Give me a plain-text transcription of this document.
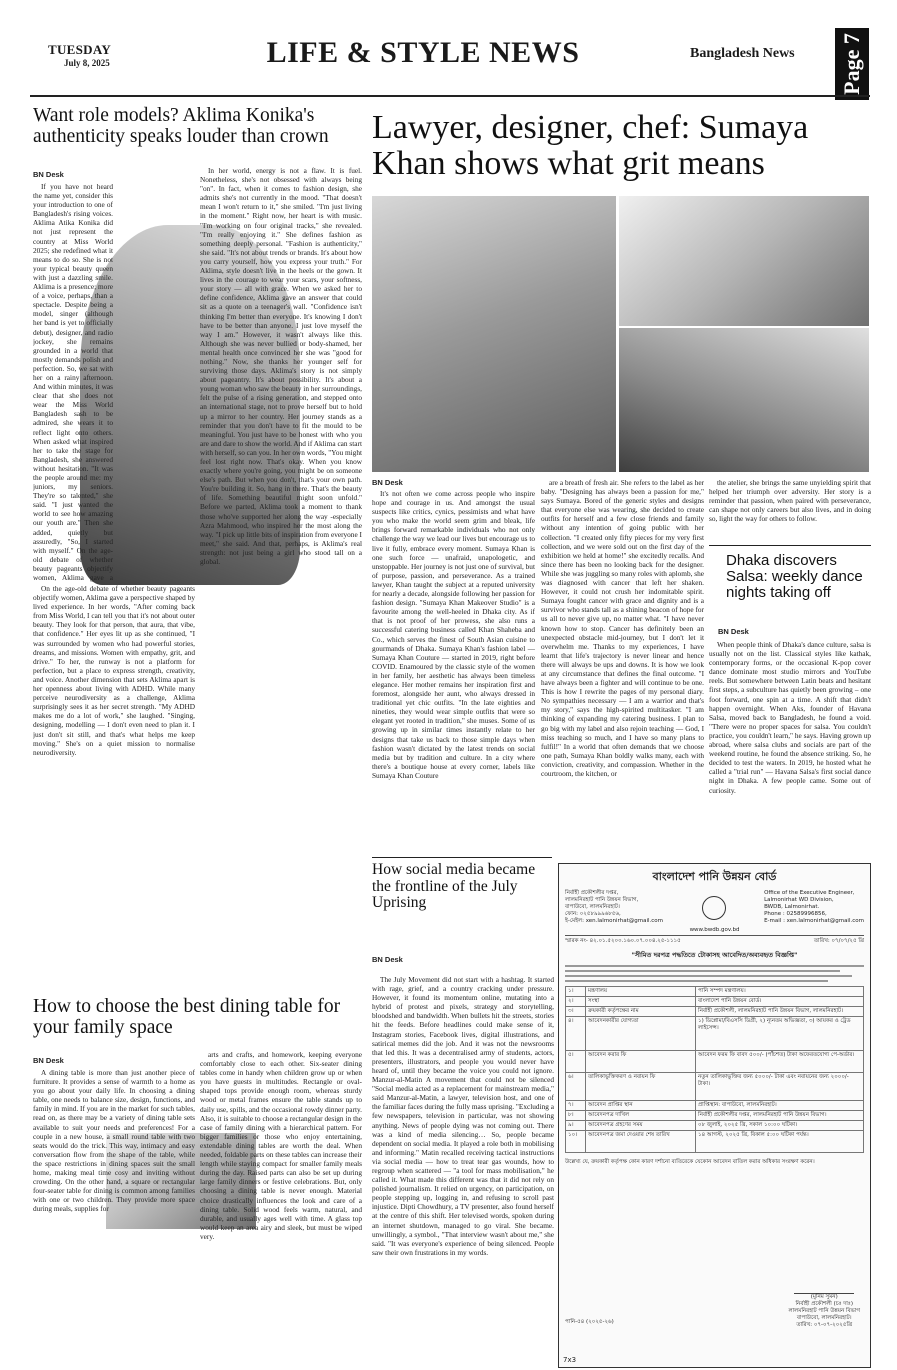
TUESDAY
July 8, 2025	LIFE & STYLE NEWS	Bangladesh News Page 7
Want role models? Aklima Konika's authenticity speaks louder than crown
BN Desk

If you have not heard the name yet, consider this your introduction to one of Bangladesh's rising voices. Aklima Atika Konika did not just represent the country at Miss World 2025; she redefined what it means to do so. She is not your typical beauty queen with just a dazzling smile. Aklima is a presence; more of a voice, perhaps, than a spectacle. Despite being a model, singer (although her band is yet to officially debut), designer, and radio jockey, she remains grounded in a world that mostly demands polish and perfection. So, we sat with her on a rainy afternoon. And within minutes, it was clear that she does not wear the Miss World Bangladesh sash to be admired, she wears it to reflect light onto others. When asked what inspired her to take the stage for Bangladesh, she answered without hesitation. "It was the people around me: my juniors, my seniors. They're so talented," she said. "I just wanted the world to see how amazing our youth are." Then she added, quietly but assuredly, "So, I started with myself." On the age-old debate of whether beauty pageants objectify women, Aklima gave a

On the age-old debate of whether beauty pageants objectify women, Aklima gave a perspective shaped by lived experience. In her words, "After coming back from Miss World, I can tell you that it's not about outer beauty. They look for that person, that aura, that vibe, that confidence." Her eyes lit up as she continued, "I was surrounded by women who had powerful stories, dreams, and missions. Women with empathy, grit, and drive." To her, the runway is not a platform for perfection, but a place to express strength, creativity, and voice. Another dimension that sets Aklima apart is her openness about living with ADHD. While many perceive neurodiversity as a challenge, Aklima surprisingly sees it as her secret strength. "My ADHD makes me do a lot of work," she laughed. "Singing, designing, modelling — I don't even need to plan it. I just don't sit still, and that's what helps me keep moving." She's on a quiet mission to normalise neurodiversity.

In her world, energy is not a flaw. It is fuel. Nonetheless, she's not obsessed with always being "on". In fact, when it comes to fashion design, she admits she's not currently in the mood. "That doesn't mean I won't return to it," she smiled. "I'm just living in the moment." Right now, her heart is with music. "I'm working on four original tracks," she revealed. "I'm really enjoying it." She defines fashion as something deeply personal. "Fashion is authenticity," she said. "It's not about trends or brands. It's about how you carry yourself, how you express your truth." For Aklima, style doesn't live in the heels or the gown. It lives in the courage to wear your scars, your softness, your story — all with grace. When we asked her to define confidence, Aklima gave an answer that could sit as a quote on a teenager's wall. "Confidence isn't thinking I'm better than everyone. It's knowing I don't have to be better than anyone. I just love myself the way I am." However, it wasn't always like this. Although she was never bullied or body-shamed, her mental health once convinced her she was "good for nothing." Now, she thanks her younger self for surviving those days. Aklima's story is not simply about pageantry. It's about possibility. It's about a young woman who saw the beauty in her surroundings, felt the pulse of a rising generation, and stepped onto an international stage, not to prove herself but to hold up a mirror to her country. Her journey stands as a reminder that you don't have to fit the mould to be meaningful. You just have to be honest with who you are and dare to show the world. And if Aklima can start with herself, so can you. In her own words, "You might feel lost right now. That's okay. When you know exactly where you're going, you might be on someone else's path. But when you don't, that's your own path. You're building it. So, hang in there. That's the beauty of life. Something beautiful might soon unfold." Before we parted, Aklima took a moment to thank those who've supported her along the way -especially Azra Mahmood, who inspired her the most along the way. "I pick up little bits of inspiration from everyone I meet," she said. And that, perhaps, is Aklima's real strength: not just being a girl who stood tall on a global.

Lawyer, designer, chef: Sumaya Khan shows what grit means
BN Desk

It's not often we come across people who inspire hope and courage in us. And amongst the usual suspects like critics, cynics, pessimists and what have you who make the world seem grim and bleak, life brings forward remarkable individuals who not only challenge the way we lead our lives but encourage us to live it fully, embrace every moment. Sumaya Khan is one such force — unafraid, unapologetic, and unstoppable. Her journey is not just one of survival, but of purpose, passion, and perseverance. As a trained lawyer, Khan taught the subject at a reputed university for nearly a decade, alongside following her passion for fashion design. "Sumaya Khan Makeover Studio" is a favourite among the well-heeled in Dhaka city. As if that is not proof of her prowess, she also runs a successful catering business called Khan Shaheba and Co., which serves the finest of South Asian cuisine to gourmands of Dhaka. Sumaya Khan's fashion label — Sumaya Khan Couture — started in 2019, right before COVID. Enamoured by the classic style of the women in her family, her aesthetic has always been timeless elegance. Her mother remains her inspiration first and foremost, alongside her aunt, who always dressed in traditional yet chic outfits. "In the late eighties and nineties, they would wear simple outfits that were so elegant yet rooted in tradition," she muses. Some of us growing up in similar times instantly relate to her designs that take us back to those simple days when fashion wasn't dictated by the latest trends on social media but by tradition and culture. In a city where there's a boutique house at every corner, labels like Sumaya Khan Couture

are a breath of fresh air. She refers to the label as her baby. "Designing has always been a passion for me," says Sumaya. Bored of the generic styles and designs that everyone else was wearing, she decided to create outfits for herself and a few close friends and family without any intention of going public with her collection. "I created only fifty pieces for my very first collection, and we were sold out on the first day of the exhibition we held at home!" she excitedly recalls. And since there has been no looking back for the designer. While she was juggling so many roles with aplomb, she was diagnosed with cancer that left her shaken. However, it could not crush her indomitable spirit. Sumaya fought cancer with grace and dignity and is a survivor who stands tall as a shining beacon of hope for us all to never give up, no matter what. "I have never known how to stop. Cancer has definitely been an unexpected obstacle mid-journey, but I don't let it overwhelm me. Thanks to my experiences, I have learnt that life's trajectory is never linear and hence there will always be ups and downs. It is how we look at any circumstance that defines the final outcome. "I have always been a fighter and will continue to be one. This is how I rewrite the pages of my personal diary. No sympathies necessary — I am a warrior and that's my story," says the high-spirited multitasker. "I am thinking of expanding my catering business. I plan to go big with my label and also rejoin teaching — God, I miss teaching so much, and I have so many plans to fulfil!" In a world that often demands that we choose one path, Sumaya Khan boldly walks many, each with conviction, creativity, and compassion. Whether in the courtroom, the kitchen, or

the atelier, she brings the same unyielding spirit that helped her triumph over adversity. Her story is a reminder that passion, when paired with perseverance, can shape not only careers but also lives, and in doing so, light the way for others to follow.

Dhaka discovers Salsa: weekly dance nights taking off
BN Desk

When people think of Dhaka's dance culture, salsa is usually not on the list. Classical styles like kathak, contemporary forms, or the occasional K-pop cover dance dominate most studio mirrors and YouTube reels. But somewhere between Latin beats and hesitant first steps, a subculture has quietly been growing – one foot forward, one spin at a time. A shift that didn't happen overnight. When Aks, founder of Havana Salsa, moved back to Bangladesh, he found a void. "There were no proper spaces for salsa. You couldn't practice, you couldn't learn," he says. Having grown up abroad, where salsa clubs and socials are part of the weekend routine, he found the absence striking. So, he decided to test the waters. In 2019, he hosted what he called a "trial run" — Havana Salsa's first social dance night in Dhaka. A few people came. Some out of curiosity.

How social media became the frontline of the July Uprising
BN Desk

The July Movement did not start with a hashtag. It started with rage, grief, and a country cracking under pressure. However, it found its momentum online, mutating into a hybrid of protest and pixels, strategy and storytelling, bloodshed and bandwidth. When bullets hit the streets, stories hit the feeds. Before headlines could make sense of it, Instagram stories, Facebook lives, digital illustrations, and satirical memes did the job. And it was not the newsrooms that led this. It was a decentralised army of students, actors, presenters, illustrators, and people you would never have heard of, until they became the voice you could not ignore. Manzur-al-Matin A movement that could not be silenced "Social media acted as a replacement for mainstream media," said Manzur-al-Matin, a lawyer, television host, and one of the familiar faces during the fully mass uprising. "Excluding a few newspapers, television in particular, was not showing anything. News of people dying was not coming out. There was a kind of media silencing… So, people became dependent on social media. It played a role both in mobilising and informing." Matin recalled receiving tactical instructions via social media — how to treat tear gas wounds, how to regroup when scattered — "a tool for mass mobilisation," he called it. What made this different was that it did not rely on polished journalism. It relied on urgency, on participation, on people stepping up, logging in, and refusing to scroll past injustice. Dipti Chowdhury, a TV presenter, also found herself at the centre of this shift. Her televised words, spoken during an internet shutdown, managed to go viral. She became. unwillingly, a symbol., "That interview wasn't about me," she said. "It was everyone's experience of being silenced. People saw their own frustrations in my words.

How to choose the best dining table for your family space
BN Desk

A dining table is more than just another piece of furniture. It provides a sense of warmth to a home as you go about your daily life. In choosing a dining table, one needs to balance size, design, functions, and family in mind. If you are in the market for such tables, read on, as there may be a variety of dining table sets available to suit your needs and preferences! For a couple in a new house, a small round table with two seats would do the trick. This way, intimacy and easy conversation flow from the shape of the table, while the space restrictions in dining spaces suit the small home, making meal time cosy and inviting without crowding. On the other hand, a square or rectangular four-seater table for dining is common among families with one or two children. They provide more space during meals, supplies for

arts and crafts, and homework, keeping everyone comfortably close to each other. Six-seater dining tables come in handy when children grow up or when you have guests in multitudes. Rectangle or oval-shaped tops provide enough room, whereas sturdy wood or metal frames ensure the table stands up to daily use, spills, and the occasional rowdy dinner party. Also, it is suitable to choose a rectangular design in the case of family dining with a hierarchical pattern. For bigger families or those who enjoy entertaining, extendable dining tables are worth the deal. When needed, foldable parts on these tables can increase their length while staying compact for smaller family meals during the day. Raised parts can also be set up during large family dinners or festive celebrations. But, only choosing a dining table is never enough. Material choice drastically influences the look and care of a dining table. Solid wood feels warm, natural, and durable, and usually ages well with time. A glass top would keep an area airy and sleek, but must be wiped very.

বাংলাদেশ পানি উন্নয়ন বোর্ড
নির্বাহী প্রকৌশলীর দপ্তর,
লালমনিরহাট পানি উন্নয়ন বিভাগ,
বাপাউবো, লালমনিরহাট।
ফোন: ০২৫৮৯৯৯৬৮৫৬,
ই-মেইল: xen.lalmonirhat@gmail.com
Office of the Executive Engineer,
Lalmonirhat WD Division,
BWDB, Lalmonirhat.
Phone : 02589996856,
E-mail : xen.lalmonirhat@gmail.com
www.bwdb.gov.bd
স্মারক নং- ৪২.০১.৫২০০.১৬০.০৭.০০৪.২৫-১১১৫	তারিখ: ০৭/০৭/২৫ খ্রি
"সীমিত দরপত্র পদ্ধতিতে টোকাসহ আবেদিত/অব্যবহৃত বিজ্ঞপ্তি"
১।	মন্ত্রণালয়	পানি সম্পদ মন্ত্রণালয়।
২।	সংস্থা	বাংলাদেশ পানি উন্নয়ন বোর্ড।
৩।	ক্রয়কারী কর্তৃপক্ষের নাম	নির্বাহী প্রকৌশলী, লালমনিরহাট পানি উন্নয়ন বিভাগ, লালমনিরহাট।
৪।	আবেদনকারীর যোগ্যতা	১) ডিপ্লোমা/বিএসসি ডিগ্রী, ২) ন্যূনতম অভিজ্ঞতা, ৩) আয়কর ও ট্রেড লাইসেন্স।
৫।	আবেদন করার ফি	আবেদন ফরম ফি বাবদ ৫০০/- (পাঁচশত) টাকা অফেরতযোগ্য পে-অর্ডার।
৬।	তালিকাভুক্তিকরণ ও নবায়ন ফি	নতুন তালিকাভুক্তির জন্য ৫০০০/- টাকা এবং নবায়নের জন্য ২০০০/- টাকা।
৭।	আবেদন প্রাপ্তির স্থান	প্রাপ্তিস্থান: বাপাউবো, লালমনিরহাট।
৮।	আবেদনপত্র দাখিল	নির্বাহী প্রকৌশলীর দপ্তর, লালমনিরহাট পানি উন্নয়ন বিভাগ।
৯।	আবেদনপত্র গ্রহণের সময়	০৮ জুলাই, ২০২৫ খ্রি, সকাল ১০:০০ ঘটিকা।
১০।	আবেদনপত্র জমা দেওয়ার শেষ তারিখ	১৪ আগস্ট, ২০২৫ খ্রি, বিকাল ৫:০০ ঘটিকা পর্যন্ত।
উল্লেখ্য যে, ক্রয়কারী কর্তৃপক্ষ কোন কারণ দর্শানো ব্যতিরেকে যেকোন আবেদন বাতিল করার অধিকার সংরক্ষণ করেন।
(মুনিম সুমন)
নির্বাহী প্রকৌশলী (চঃ দাঃ)
লালমনিরহাট পানি উন্নয়ন বিভাগ
বাপাউবো, লালমনিরহাট।
তারিখ: ০৭-০৭-২০২৫খ্রি
পানি-৫৪ (২০২৫-২৬)
7x3
